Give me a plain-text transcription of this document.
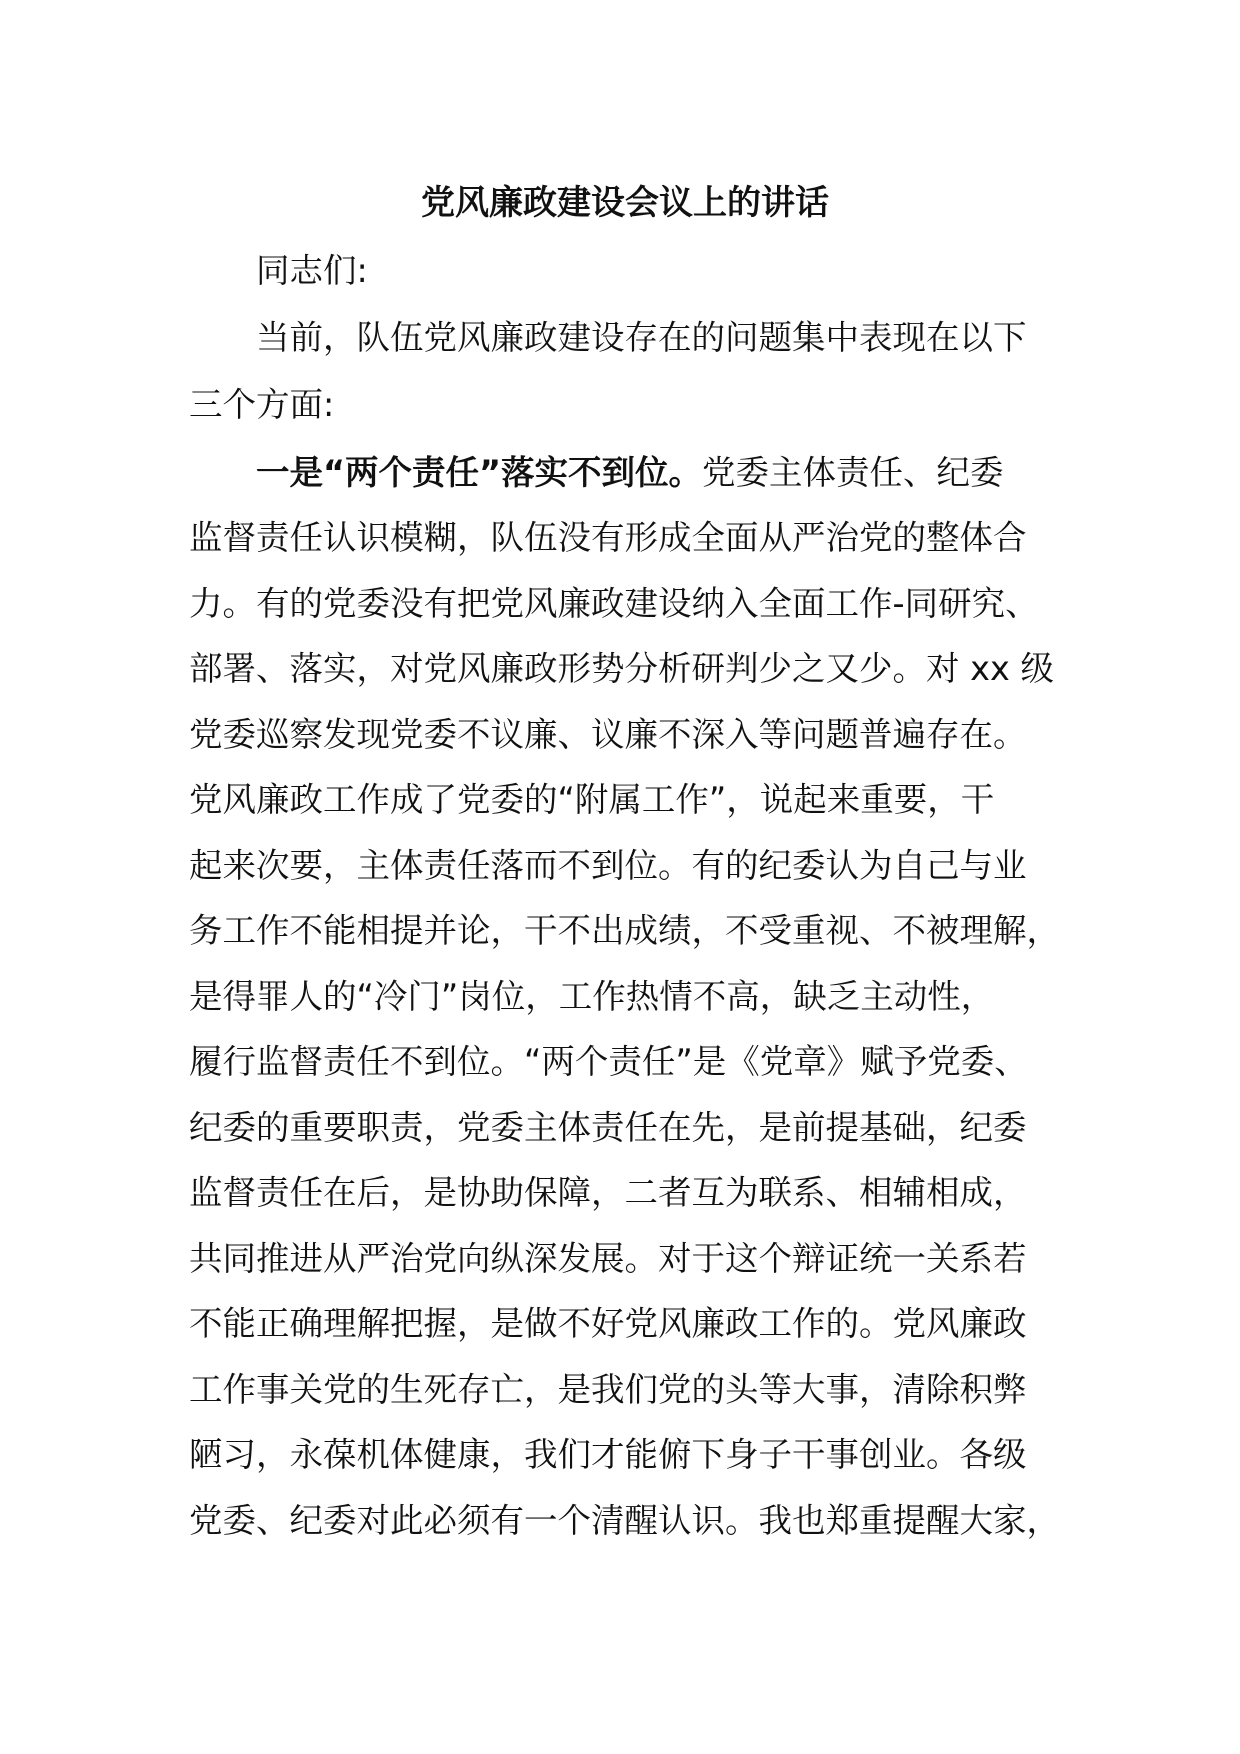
党风廉政建设会议上的讲话
同志们:
当前，队伍党风廉政建设存在的问题集中表现在以下
三个方面:
一是“两个责任”落实不到位。党委主体责任、纪委
监督责任认识模糊，队伍没有形成全面从严治党的整体合
力。有的党委没有把党风廉政建设纳入全面工作-同研究、
部署、落实，对党风廉政形势分析研判少之又少。对 xx 级
党委巡察发现党委不议廉、议廉不深入等问题普遍存在。
党风廉政工作成了党委的“附属工作”，说起来重要，干
起来次要，主体责任落而不到位。有的纪委认为自己与业
务工作不能相提并论，干不出成绩，不受重视、不被理解，
是得罪人的“冷门”岗位，工作热情不高，缺乏主动性，
履行监督责任不到位。“两个责任”是《党章》赋予党委、
纪委的重要职责，党委主体责任在先，是前提基础，纪委
监督责任在后，是协助保障，二者互为联系、相辅相成，
共同推进从严治党向纵深发展。对于这个辩证统一关系若
不能正确理解把握，是做不好党风廉政工作的。党风廉政
工作事关党的生死存亡，是我们党的头等大事，清除积弊
陋习，永葆机体健康，我们才能俯下身子干事创业。各级
党委、纪委对此必须有一个清醒认识。我也郑重提醒大家，
